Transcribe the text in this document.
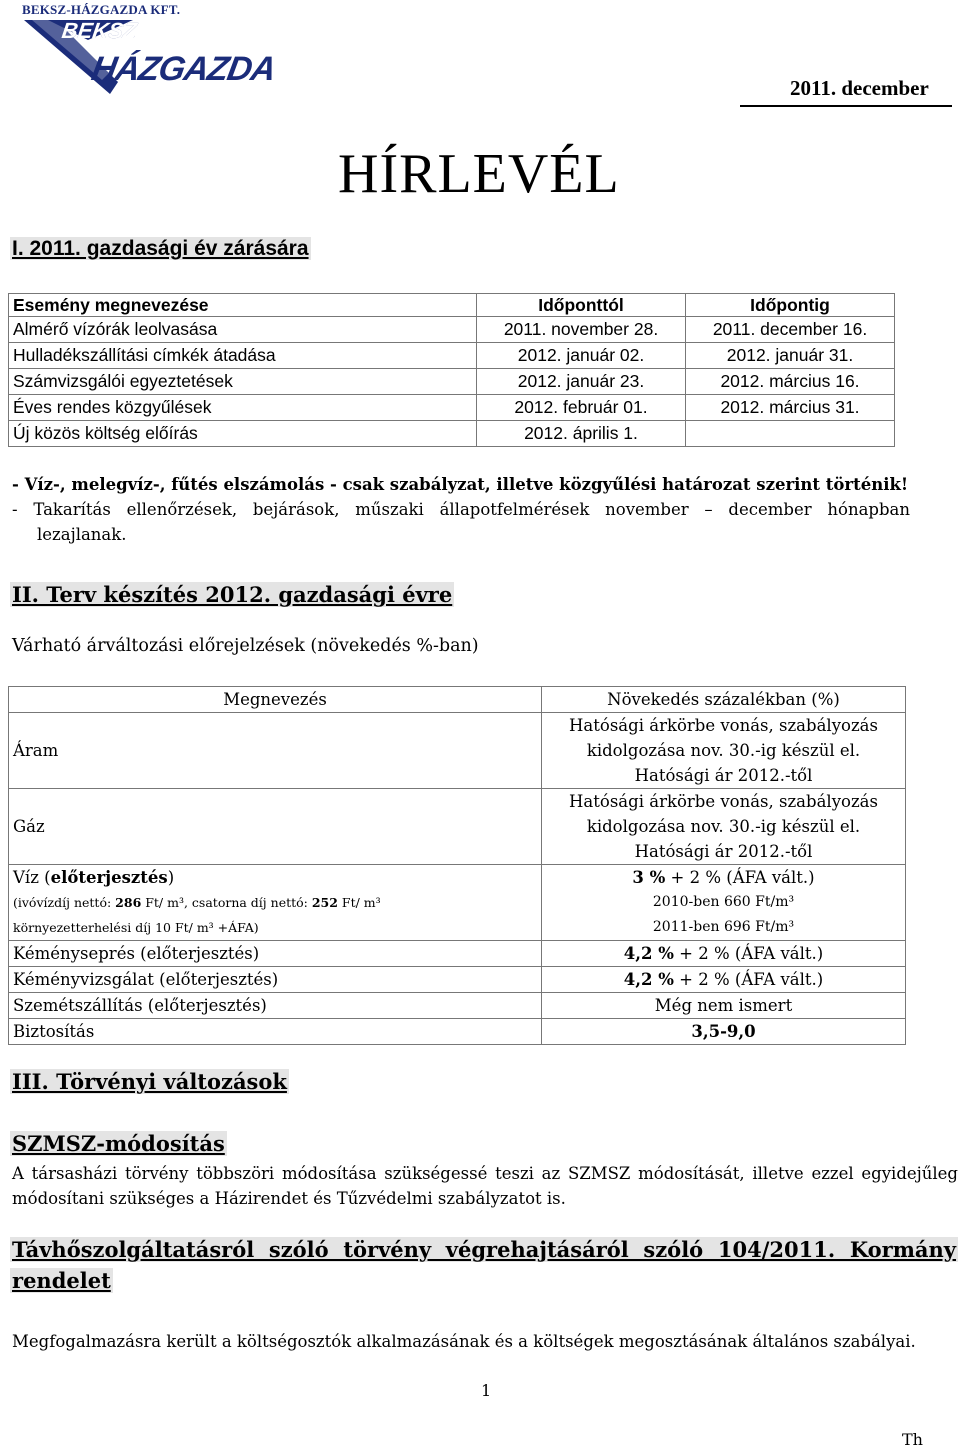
BEKSZ-HÁZGAZDA KFT.
BEKSZ
HÁZGAZDA	2011. december
HÍRLEVÉL
I. 2011. gazdasági év zárására
Esemény megnevezése	Időponttól	Időpontig
Almérő vízórák leolvasása	2011. november 28.	2011. december 16.
Hulladékszállítási címkék átadása	2012. január 02.	2012. január 31.
Számvizsgálói egyeztetések	2012. január 23.	2012. március 16.
Éves rendes közgyűlések	2012. február 01.	2012. március 31.
Új közös költség előírás	2012. április 1.	
- Víz-, melegvíz-, fűtés elszámolás - csak szabályzat, illetve közgyűlési határozat szerint történik!
- Takarítás ellenőrzések, bejárások, műszaki állapotfelmérések november – december hónapban
lezajlanak.
II. Terv készítés 2012. gazdasági évre
Várható árváltozási előrejelzések (növekedés %-ban)
Megnevezés	Növekedés százalékban (%)

Áram	Hatósági árkörbe vonás, szabályozás
kidolgozása nov. 30.-ig készül el.
Hatósági ár 2012.-től

Gáz	Hatósági árkörbe vonás, szabályozás
kidolgozása nov. 30.-ig készül el.
Hatósági ár 2012.-től

Víz (előterjesztés)
(ivóvízdíj nettó: 286 Ft/ m³, csatorna díj nettó: 252 Ft/ m³
környezetterhelési díj 10 Ft/ m³ +ÁFA)	3 % + 2 % (ÁFA vált.)
2010-ben 660 Ft/m³
2011-ben 696 Ft/m³

Kéményseprés (előterjesztés)	4,2 % + 2 % (ÁFA vált.)

Kéményvizsgálat (előterjesztés)	4,2 % + 2 % (ÁFA vált.)

Szemétszállítás (előterjesztés)	Még nem ismert

Biztosítás	3,5-9,0
III. Törvényi változások
SZMSZ-módosítás
A társasházi törvény többszöri módosítása szükségessé teszi az SZMSZ módosítását, illetve ezzel egyidejűleg módosítani szükséges a Házirendet és Tűzvédelmi szabályzatot is.
Távhőszolgáltatásról szóló törvény végrehajtásáról szóló 104/2011. Kormány
rendelet
Megfogalmazásra került a költségosztók alkalmazásának és a költségek megosztásának általános szabályai.
1
Th
